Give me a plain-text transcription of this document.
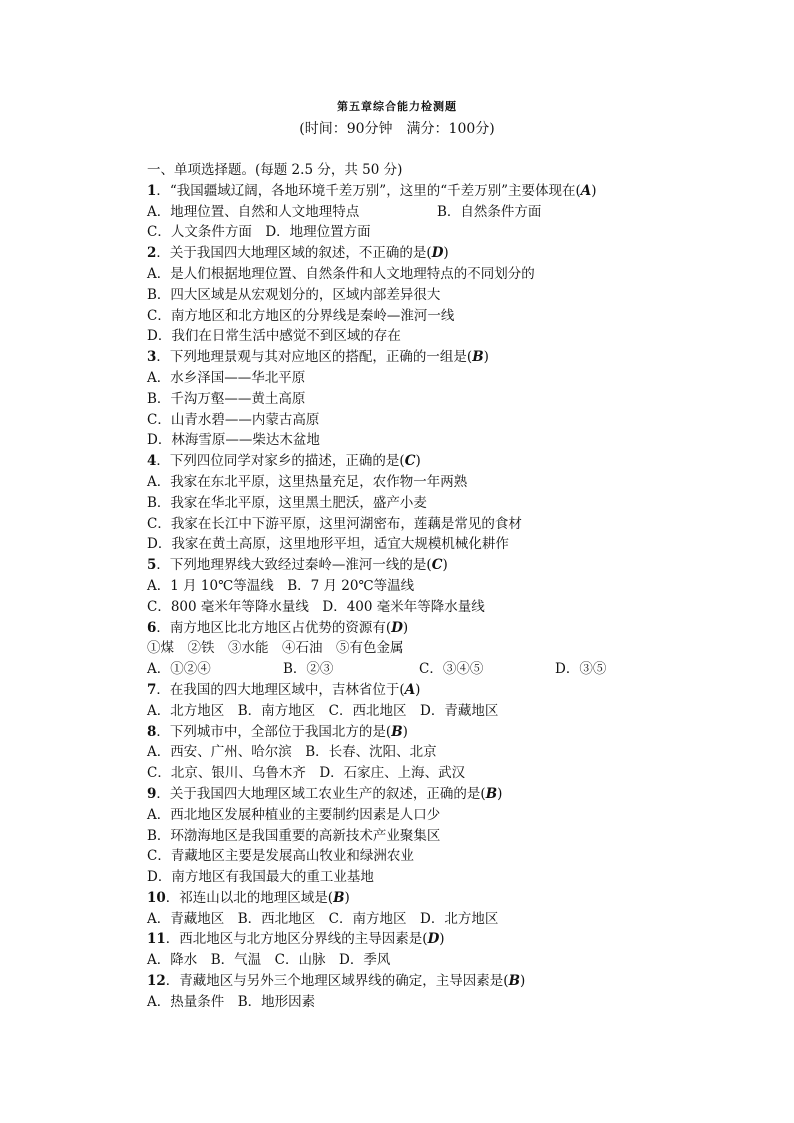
第五章综合能力检测题
(时间：90分钟　满分：100分)
一、单项选择题。(每题 2.5 分，共 50 分)
1．“我国疆域辽阔，各地环境千差万别”，这里的“千差万别”主要体现在(A)
A．地理位置、自然和人文地理特点	B．自然条件方面
C．人文条件方面　D．地理位置方面
2．关于我国四大地理区域的叙述，不正确的是(D)
A．是人们根据地理位置、自然条件和人文地理特点的不同划分的
B．四大区域是从宏观划分的，区域内部差异很大
C．南方地区和北方地区的分界线是秦岭—淮河一线
D．我们在日常生活中感觉不到区域的存在
3．下列地理景观与其对应地区的搭配，正确的一组是(B)
A．水乡泽国——华北平原
B．千沟万壑——黄土高原
C．山青水碧——内蒙古高原
D．林海雪原——柴达木盆地
4．下列四位同学对家乡的描述，正确的是(C)
A．我家在东北平原，这里热量充足，农作物一年两熟
B．我家在华北平原，这里黑土肥沃，盛产小麦
C．我家在长江中下游平原，这里河湖密布，莲藕是常见的食材
D．我家在黄土高原，这里地形平坦，适宜大规模机械化耕作
5．下列地理界线大致经过秦岭—淮河一线的是(C)
A．1 月 10℃等温线　B．7 月 20℃等温线
C．800 毫米年等降水量线　D．400 毫米年等降水量线
6．南方地区比北方地区占优势的资源有(D)
①煤　②铁　③水能　④石油　⑤有色金属
A．①②④	B．②③	C．③④⑤	D．③⑤
7．在我国的四大地理区域中，吉林省位于(A)
A．北方地区　B．南方地区　C．西北地区　D．青藏地区
8．下列城市中，全部位于我国北方的是(B)
A．西安、广州、哈尔滨　B．长春、沈阳、北京
C．北京、银川、乌鲁木齐　D．石家庄、上海、武汉
9．关于我国四大地理区域工农业生产的叙述，正确的是(B)
A．西北地区发展种植业的主要制约因素是人口少
B．环渤海地区是我国重要的高新技术产业聚集区
C．青藏地区主要是发展高山牧业和绿洲农业
D．南方地区有我国最大的重工业基地
10．祁连山以北的地理区域是(B)
A．青藏地区　B．西北地区　C．南方地区　D．北方地区
11．西北地区与北方地区分界线的主导因素是(D)
A．降水　B．气温　C．山脉　D．季风
12．青藏地区与另外三个地理区域界线的确定，主导因素是(B)
A．热量条件　B．地形因素
